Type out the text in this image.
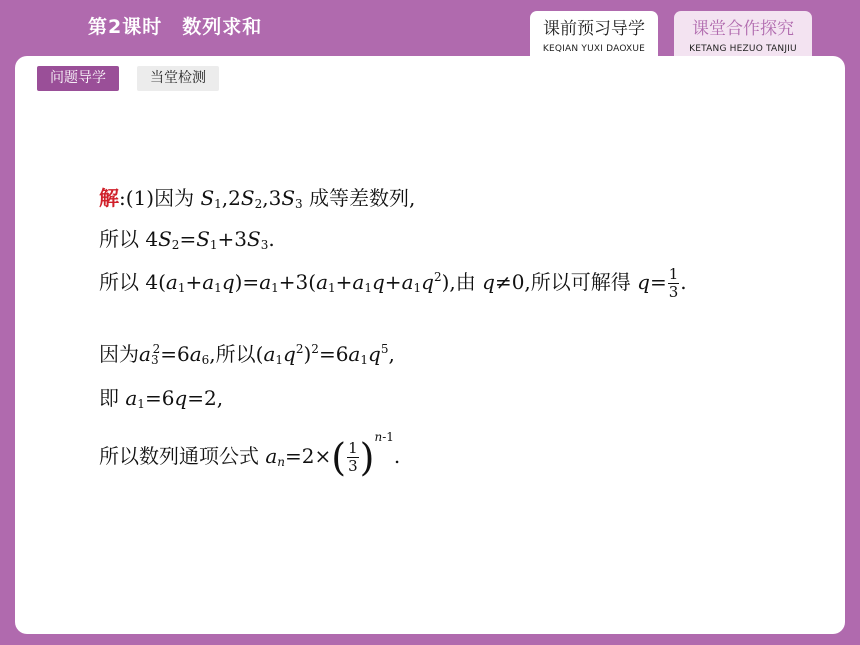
第2课时　数列求和	课前预习导学
KEQIAN YUXI DAOXUE
课堂合作探究
KETANG HEZUO TANJIU
问题导学	当堂检测
解:(1)因为 $S_1,2S_2,3S_3$ 成等差数列,
所以 $4S_2=S_1+3S_3$.
所以 $4(a_1+a_1q)=a_1+3(a_1+a_1q+a_1q^2)$,由 q≠0,所以可解得 $q= \frac{1}{3}$ .
因为$a_3^2=6a_6$,所以$(a_1q^2)^2=6a_1q^5$,
即 $a_1=6q=2$,
所以数列通项公式 $a_n=2\times( \frac{1}{3} )^{n-1}$.
